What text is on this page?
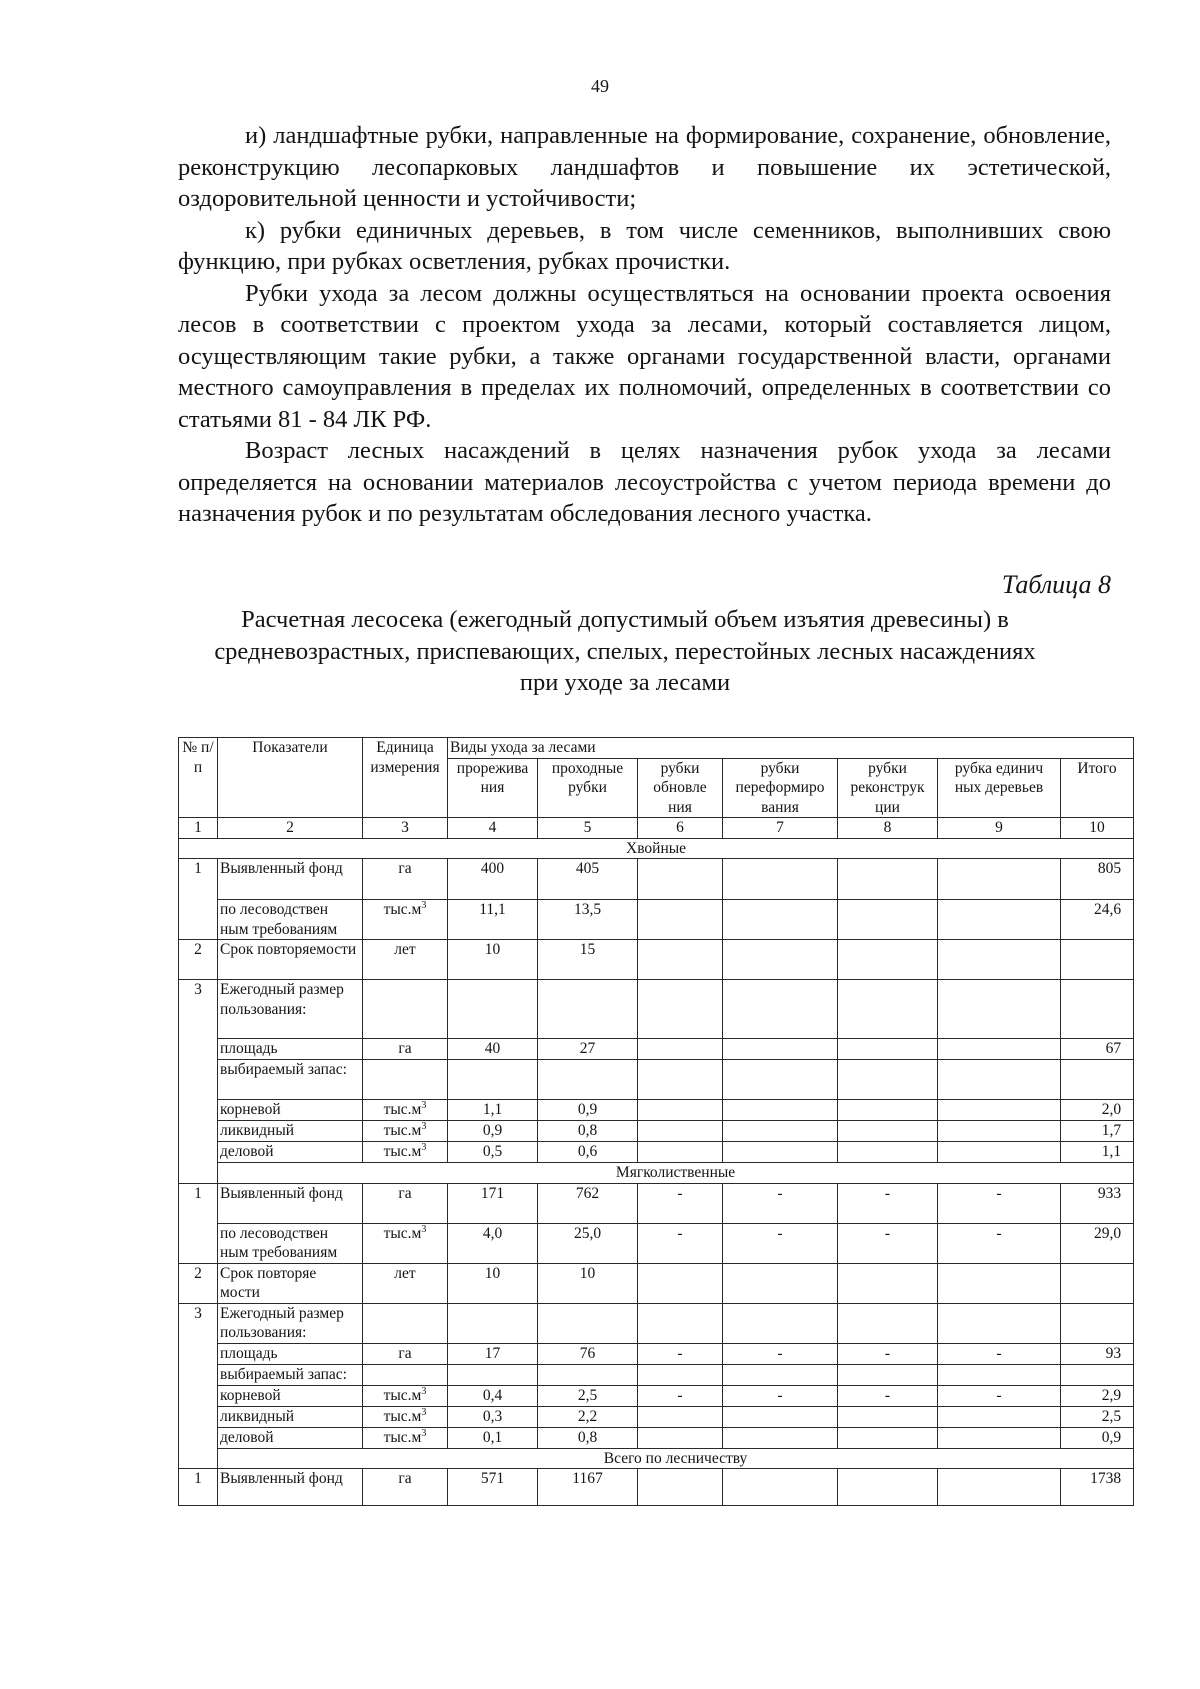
49

и) ландшафтные рубки, направленные на формирование, сохранение, обновление, реконструкцию лесопарковых ландшафтов и повышение их эстетической, оздоровительной ценности и устойчивости;

к) рубки единичных деревьев, в том числе семенников, выполнивших свою функцию, при рубках осветления, рубках прочистки.

Рубки ухода за лесом должны осуществляться на основании проекта освоения лесов в соответствии с проектом ухода за лесами, который составляется лицом, осуществляющим такие рубки, а также органами государственной власти, органами местного самоуправления в пределах их полномочий, определенных в соответствии со статьями 81 - 84 ЛК РФ.

Возраст лесных насаждений в целях назначения рубок ухода за лесами определяется на основании материалов лесоустройства с учетом периода времени до назначения рубок и по результатам обследования лесного участка.

Таблица 8
Расчетная лесосека (ежегодный допустимый объем изъятия древесины) в средневозрастных, приспевающих, спелых, перестойных лесных насаждениях при уходе за лесами
№ п/п	Показатели	Единица измерения	Виды ухода за лесами						
			прорежива ния	проходные рубки	рубки обновле ния	рубки переформиро вания	рубки реконструк ции	рубка единич ных деревьев	Итого
1	2	3	4	5	6	7	8	9	10
Хвойные									
1	Выявленный фонд	га	400	405					805
	по лесоводствен ным требованиям	$тыс.м^3$	11,1	13,5					24,6
2	Срок повторяемости	лет	10	15					
3	Ежегодный размер пользования:								
	площадь	га	40	27					67
	выбираемый запас:								
	корневой	$тыс.м^3$	1,1	0,9					2,0
	ликвидный	$тыс.м^3$	0,9	0,8					1,7
	деловой	$тыс.м^3$	0,5	0,6					1,1
	Мягколиственные								
1	Выявленный фонд	га	171	762	-	-	-	-	933
	по лесоводствен ным требованиям	$тыс.м^3$	4,0	25,0	-	-	-	-	29,0
2	Срок повторяе мости	лет	10	10					
3	Ежегодный размер пользования:								
	площадь	га	17	76	-	-	-	-	93
	выбираемый запас:								
	корневой	$тыс.м^3$	0,4	2,5	-	-	-	-	2,9
	ликвидный	$тыс.м^3$	0,3	2,2					2,5
	деловой	$тыс.м^3$	0,1	0,8					0,9
	Всего по лесничеству								
1	Выявленный фонд	га	571	1167					1738
